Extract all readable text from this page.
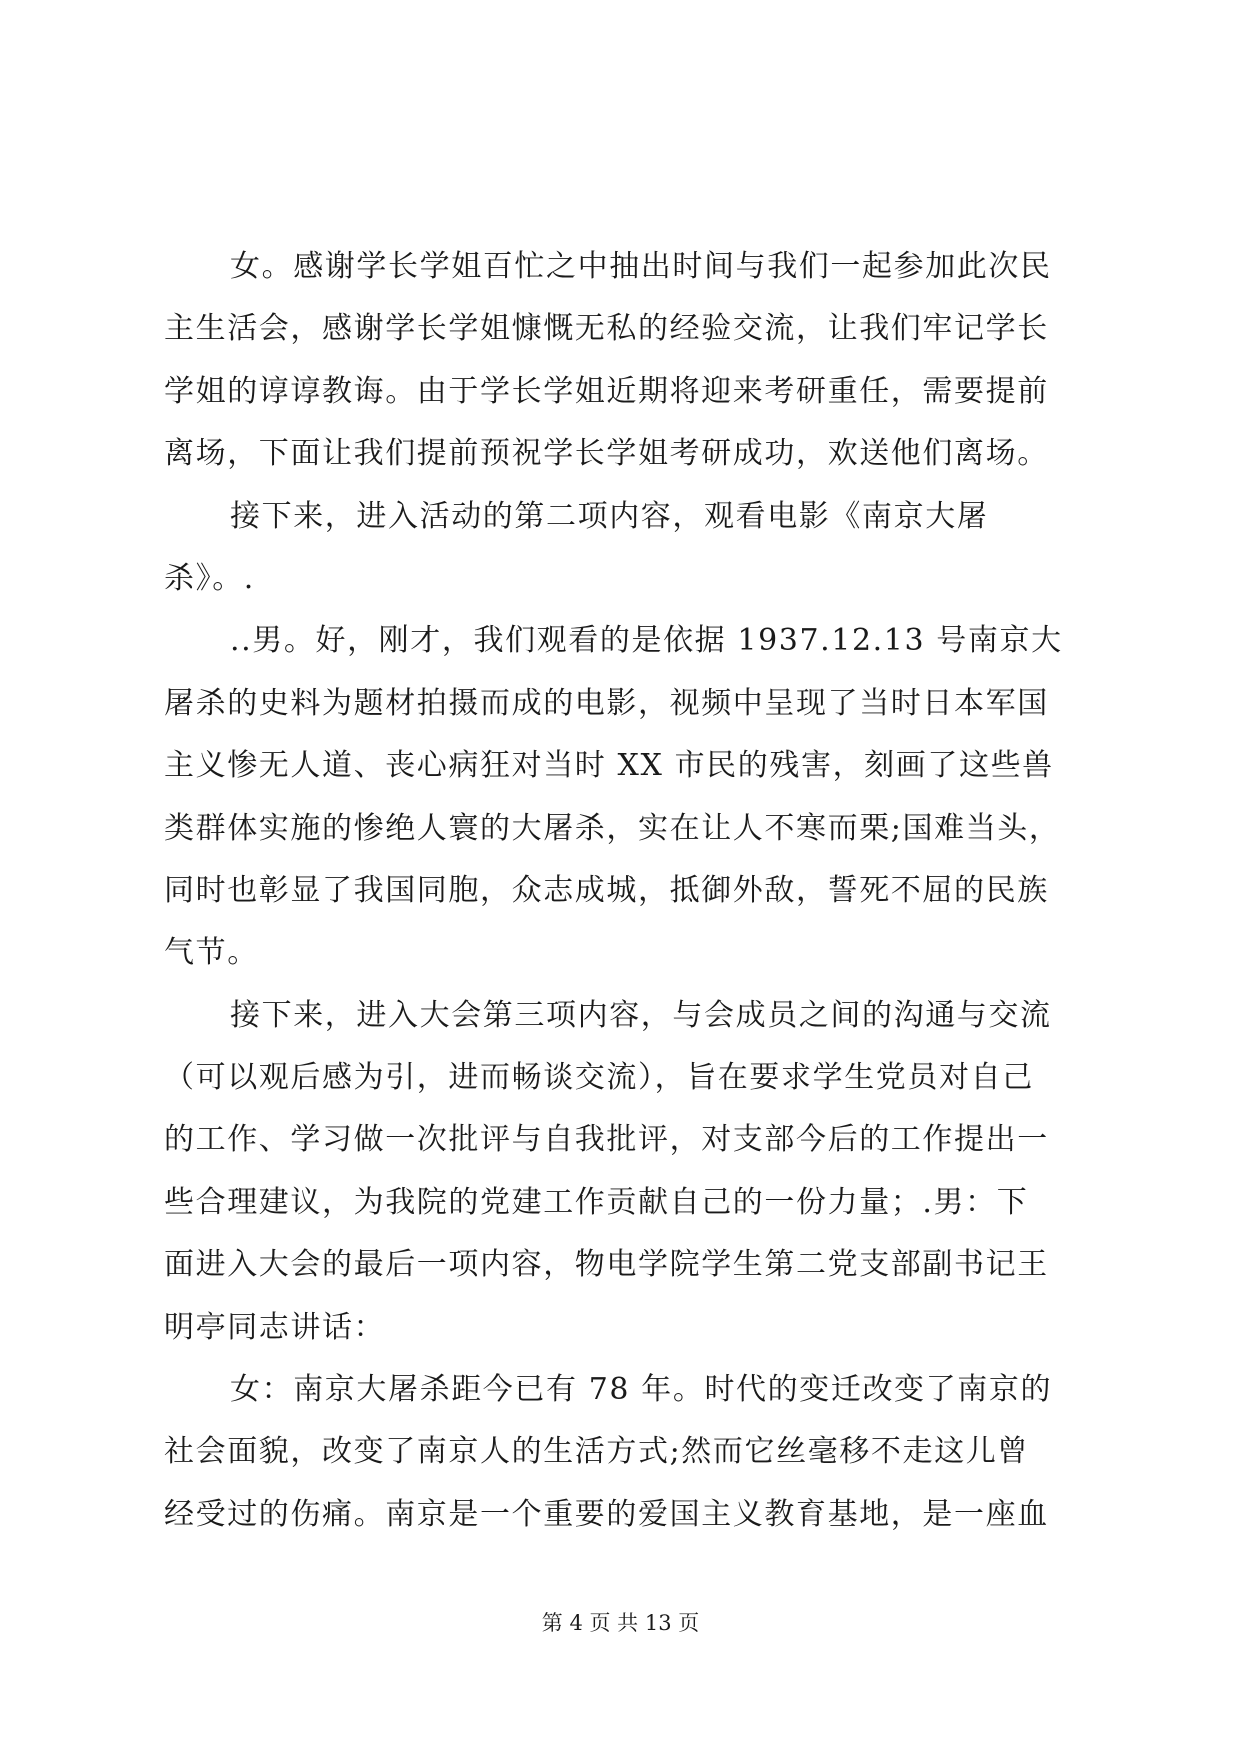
女。感谢学长学姐百忙之中抽出时间与我们一起参加此次民
主生活会，感谢学长学姐慷慨无私的经验交流，让我们牢记学长
学姐的谆谆教诲。由于学长学姐近期将迎来考研重任，需要提前
离场，下面让我们提前预祝学长学姐考研成功，欢送他们离场。
接下来，进入活动的第二项内容，观看电影《南京大屠
杀》。.
..男。好，刚才，我们观看的是依据 1937.12.13 号南京大
屠杀的史料为题材拍摄而成的电影，视频中呈现了当时日本军国
主义惨无人道、丧心病狂对当时 XX 市民的残害，刻画了这些兽
类群体实施的惨绝人寰的大屠杀，实在让人不寒而栗;国难当头，
同时也彰显了我国同胞，众志成城，抵御外敌，誓死不屈的民族
气节。
接下来，进入大会第三项内容，与会成员之间的沟通与交流
（可以观后感为引，进而畅谈交流），旨在要求学生党员对自己
的工作、学习做一次批评与自我批评，对支部今后的工作提出一
些合理建议，为我院的党建工作贡献自己的一份力量；.男：下
面进入大会的最后一项内容，物电学院学生第二党支部副书记王
明亭同志讲话：
女：南京大屠杀距今已有 78 年。时代的变迁改变了南京的
社会面貌，改变了南京人的生活方式;然而它丝毫移不走这儿曾
经受过的伤痛。南京是一个重要的爱国主义教育基地，是一座血
第 4 页 共 13 页
